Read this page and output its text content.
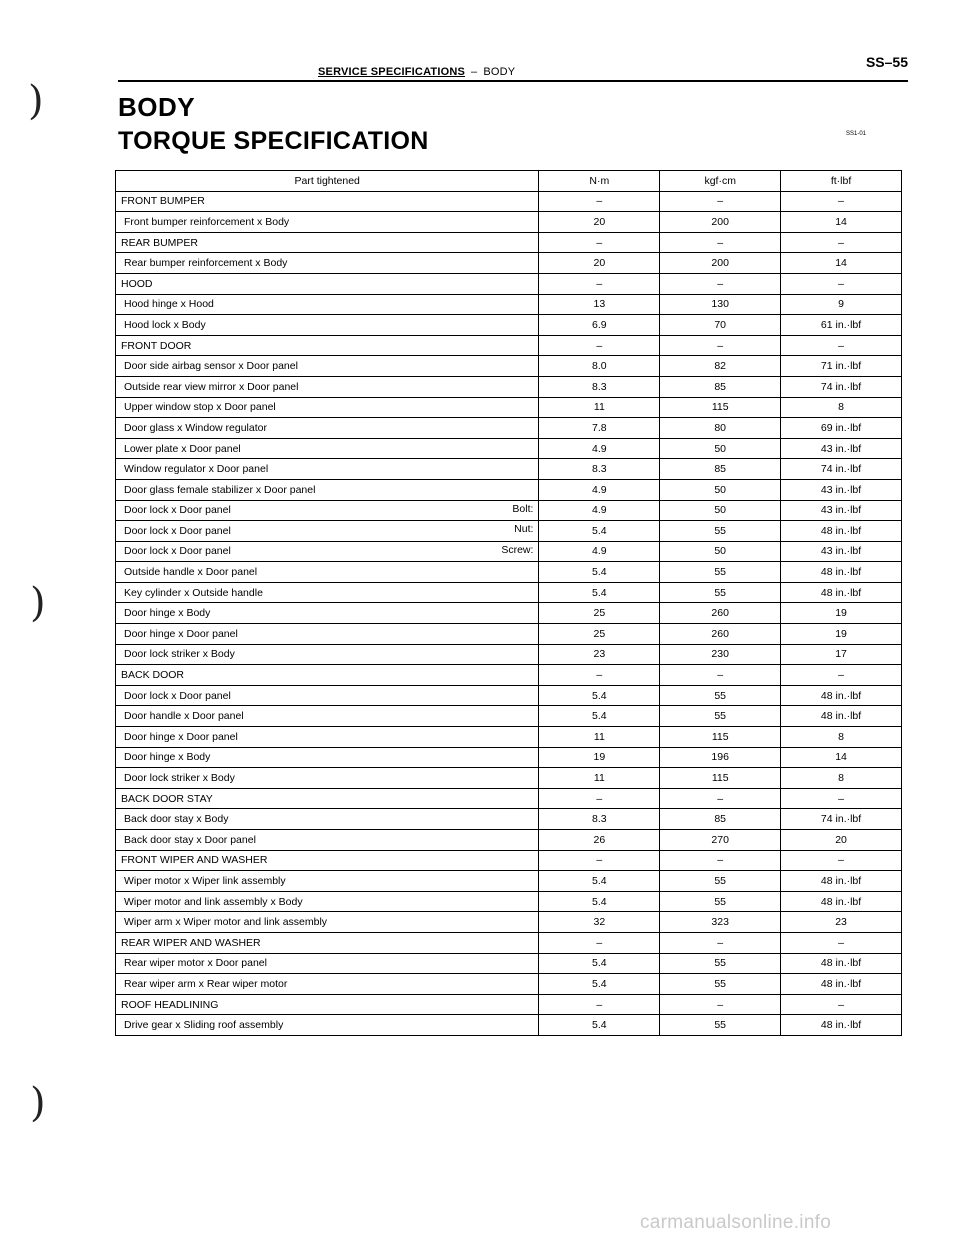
SERVICE SPECIFICATIONS – BODY
SS–55
)
)
)
BODY
TORQUE SPECIFICATION	SS1-01
Part tightened	N·m	kgf·cm	ft·lbf
FRONT BUMPER	–	–	–
Front bumper reinforcement x Body	20	200	14
REAR BUMPER	–	–	–
Rear bumper reinforcement x Body	20	200	14
HOOD	–	–	–
Hood hinge x Hood	13	130	9
Hood lock x Body	6.9	70	61 in.·lbf
FRONT DOOR	–	–	–
Door side airbag sensor x Door panel	8.0	82	71 in.·lbf
Outside rear view mirror x Door panel	8.3	85	74 in.·lbf
Upper window stop x Door panel	11	115	8
Door glass x Window regulator	7.8	80	69 in.·lbf
Lower plate x Door panel	4.9	50	43 in.·lbf
Window regulator x Door panel	8.3	85	74 in.·lbf
Door glass female stabilizer x Door panel	4.9	50	43 in.·lbf
Door lock x Door panel Bolt:	4.9	50	43 in.·lbf
Door lock x Door panel Nut:	5.4	55	48 in.·lbf
Door lock x Door panel Screw:	4.9	50	43 in.·lbf
Outside handle x Door panel	5.4	55	48 in.·lbf
Key cylinder x Outside handle	5.4	55	48 in.·lbf
Door hinge x Body	25	260	19
Door hinge x Door panel	25	260	19
Door lock striker x Body	23	230	17
BACK DOOR	–	–	–
Door lock x Door panel	5.4	55	48 in.·lbf
Door handle x Door panel	5.4	55	48 in.·lbf
Door hinge x Door panel	11	115	8
Door hinge x Body	19	196	14
Door lock striker x Body	11	115	8
BACK DOOR STAY	–	–	–
Back door stay x Body	8.3	85	74 in.·lbf
Back door stay x Door panel	26	270	20
FRONT WIPER AND WASHER	–	–	–
Wiper motor x Wiper link assembly	5.4	55	48 in.·lbf
Wiper motor and link assembly x Body	5.4	55	48 in.·lbf
Wiper arm x Wiper motor and link assembly	32	323	23
REAR WIPER AND WASHER	–	–	–
Rear wiper motor x Door panel	5.4	55	48 in.·lbf
Rear wiper arm x Rear wiper motor	5.4	55	48 in.·lbf
ROOF HEADLINING	–	–	–
Drive gear x Sliding roof assembly	5.4	55	48 in.·lbf
carmanualsonline.info
